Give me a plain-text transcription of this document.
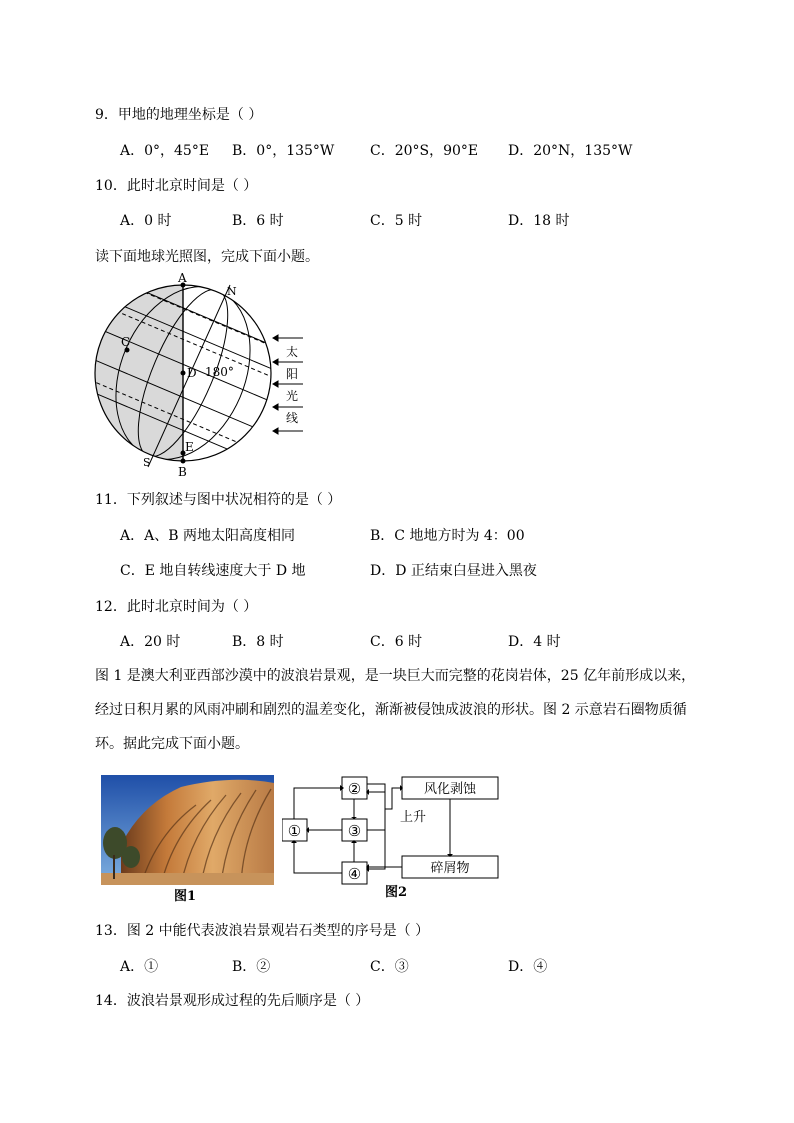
9．甲地的地理坐标是（ ）
A．0°，45°E B．0°，135°W	C．20°S，90°E D．20°N，135°W
10．此时北京时间是（ ）
A．0 时	B．6 时	C．5 时	D．18 时
读下面地球光照图，完成下面小题。
A
B
C
D
E
N
S
180°
太
阳
光
线
11．下列叙述与图中状况相符的是（ ）
A．A、B 两地太阳高度相同	B．C 地地方时为 4：00
C．E 地自转线速度大于 D 地	D．D 正结束白昼进入黑夜
12．此时北京时间为（ ）
A．20 时	B．8 时	C．6 时	D．4 时
图 1 是澳大利亚西部沙漠中的波浪岩景观，是一块巨大而完整的花岗岩体，25 亿年前形成以来，经过日积月累的风雨冲刷和剧烈的温差变化，渐渐被侵蚀成波浪的形状。图 2 示意岩石圈物质循环。据此完成下面小题。
图1
②
①	③
④
风化剥蚀
碎屑物
上升
图2
13．图 2 中能代表波浪岩景观岩石类型的序号是（ ）
A．①	B．②	C．③	D．④
14．波浪岩景观形成过程的先后顺序是（ ）
